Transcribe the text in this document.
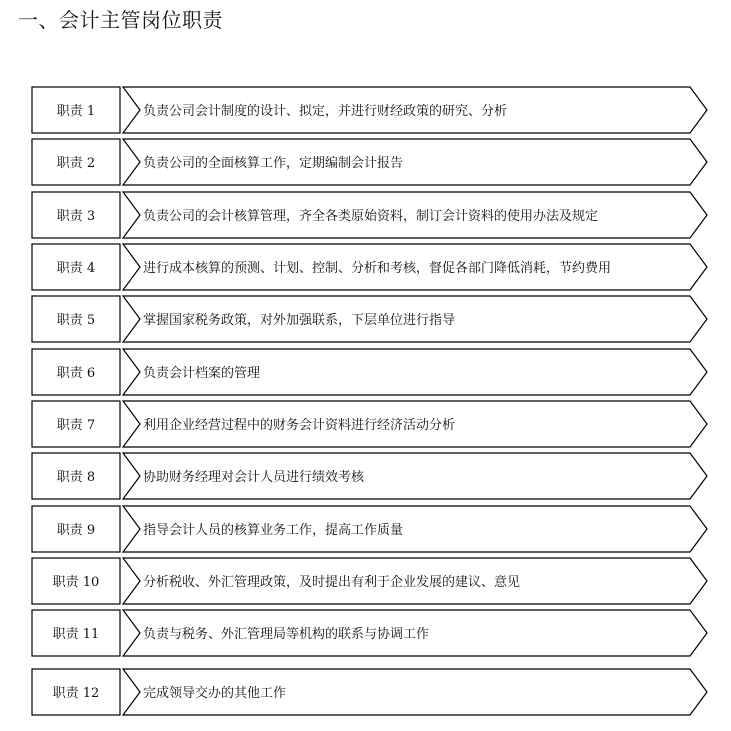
一、会计主管岗位职责
职责 1	负责公司会计制度的设计、拟定，并进行财经政策的研究、分析
职责 2	负责公司的全面核算工作，定期编制会计报告
职责 3	负责公司的会计核算管理，齐全各类原始资料，制订会计资料的使用办法及规定
职责 4	进行成本核算的预测、计划、控制、分析和考核，督促各部门降低消耗，节约费用
职责 5	掌握国家税务政策，对外加强联系，下层单位进行指导
职责 6	负责会计档案的管理
职责 7	利用企业经营过程中的财务会计资料进行经济活动分析
职责 8	协助财务经理对会计人员进行绩效考核
职责 9	指导会计人员的核算业务工作，提高工作质量
职责 10	分析税收、外汇管理政策，及时提出有利于企业发展的建议、意见
职责 11	负责与税务、外汇管理局等机构的联系与协调工作
职责 12	完成领导交办的其他工作
